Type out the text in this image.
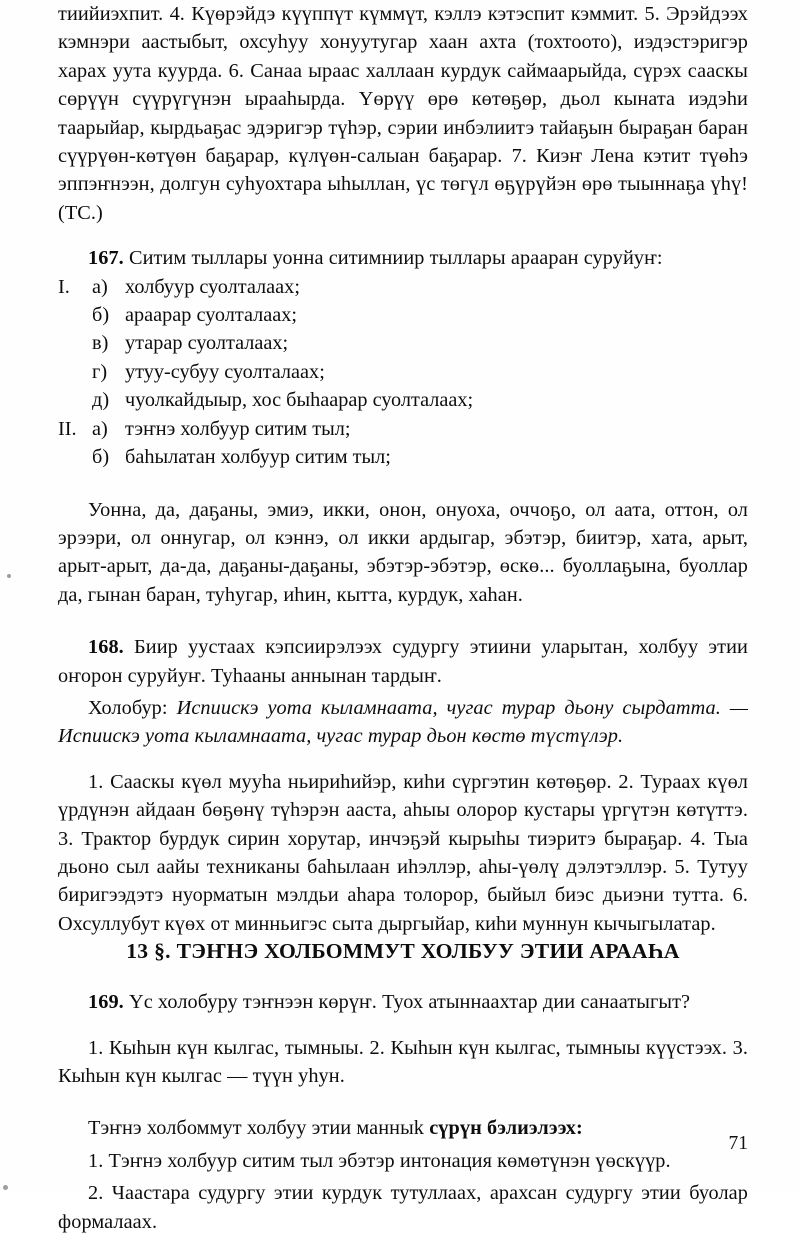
тиийиэхпит. 4. Күөрэйдэ күүппүт күммүт, кэллэ кэтэспит кэммит. 5. Эрэйдээх кэмнэри аастыбыт, охсуһуу хонуутугар хаан ахта (тохтоото), иэдэстэригэр харах уута куурда. 6. Санаа ыраас халлаан курдук саймаарыйда, сүрэх сааскы сөрүүн сүүрүгүнэн ырааһырда. Үөрүү өрө көтөҕөр, дьол кыната иэдэһи таарыйар, кырдьаҕас эдэригэр түһэр, сэрии инбэлиитэ тайаҕын быраҕан баран сүүрүөн-көтүөн баҕарар, күлүөн-салыан баҕарар. 7. Киэҥ Лена кэтит түөһэ эппэҥнээн, долгун суһуохтара ыһыллан, үс төгүл өҕүрүйэн өрө тыыннаҕа үһү! (ТС.)

167. Ситим тыллары уонна ситимниир тыллары арааран суруйуҥ:

I. а) холбуур суолталаах;
б) араарар суолталаах;
в) утарар суолталаах;
г) утуу-субуу суолталаах;
д) чуолкайдыыр, хос быһаарар суолталаах;
II. а) тэҥнэ холбуур ситим тыл;
б) баһылатан холбуур ситим тыл;

Уонна, да, даҕаны, эмиэ, икки, онон, онуоха, оччоҕо, ол аата, оттон, ол эрээри, ол оннугар, ол кэннэ, ол икки ардыгар, эбэтэр, биитэр, хата, арыт, арыт-арыт, да-да, даҕаны-даҕаны, эбэтэр-эбэтэр, өскө... буоллаҕына, буоллар да, гынан баран, туһугар, иһин, кытта, курдук, хаһан.

168. Биир уустаах кэпсиирэлээх судургу этиини уларытан, холбуу этии оҥорон суруйуҥ. Туһааны аннынан тардыҥ.

Холобур: Испиискэ уота кыламнаата, чугас турар дьону сырдатта. — Испиискэ уота кыламнаата, чугас турар дьон көстө түстүлэр.

1. Сааскы күөл мууһа ньириһийэр, киһи сүргэтин көтөҕөр. 2. Тураах күөл үрдүнэн айдаан бөҕөнү түһэрэн ааста, аһыы олорор кустары үргүтэн көтүттэ. 3. Трактор бурдук сирин хорутар, инчэҕэй кырыһы тиэритэ быраҕар. 4. Тыа дьоно сыл аайы техниканы баһылаан иһэллэр, аһы-үөлү дэлэтэллэр. 5. Тутуу биригээдэтэ нуорматын мэлдьи аһара толорор, быйыл биэс дьиэни тутта. 6. Охсуллубут күөх от минньигэс сыта дыргыйар, киһи муннун кычыгылатар.

13 §. ТЭҤНЭ ХОЛБОММУТ ХОЛБУУ ЭТИИ АРААҺА

169. Үс холобуру тэҥнээн көрүҥ. Туох атыннаахтар дии санаатыгыт?

1. Кыһын күн кылгас, тымныы. 2. Кыһын күн кылгас, тымныы күүстээх. 3. Кыһын күн кылгас — түүн уһун.

Тэҥнэ холбоммут холбуу этии манныk сүрүн бэлиэлээх:

1. Тэҥнэ холбуур ситим тыл эбэтэр интонация көмөтүнэн үөскүүр.

2. Чаастара судургу этии курдук тутуллаах, арахсан судургу этии буолар формалаах.

71
